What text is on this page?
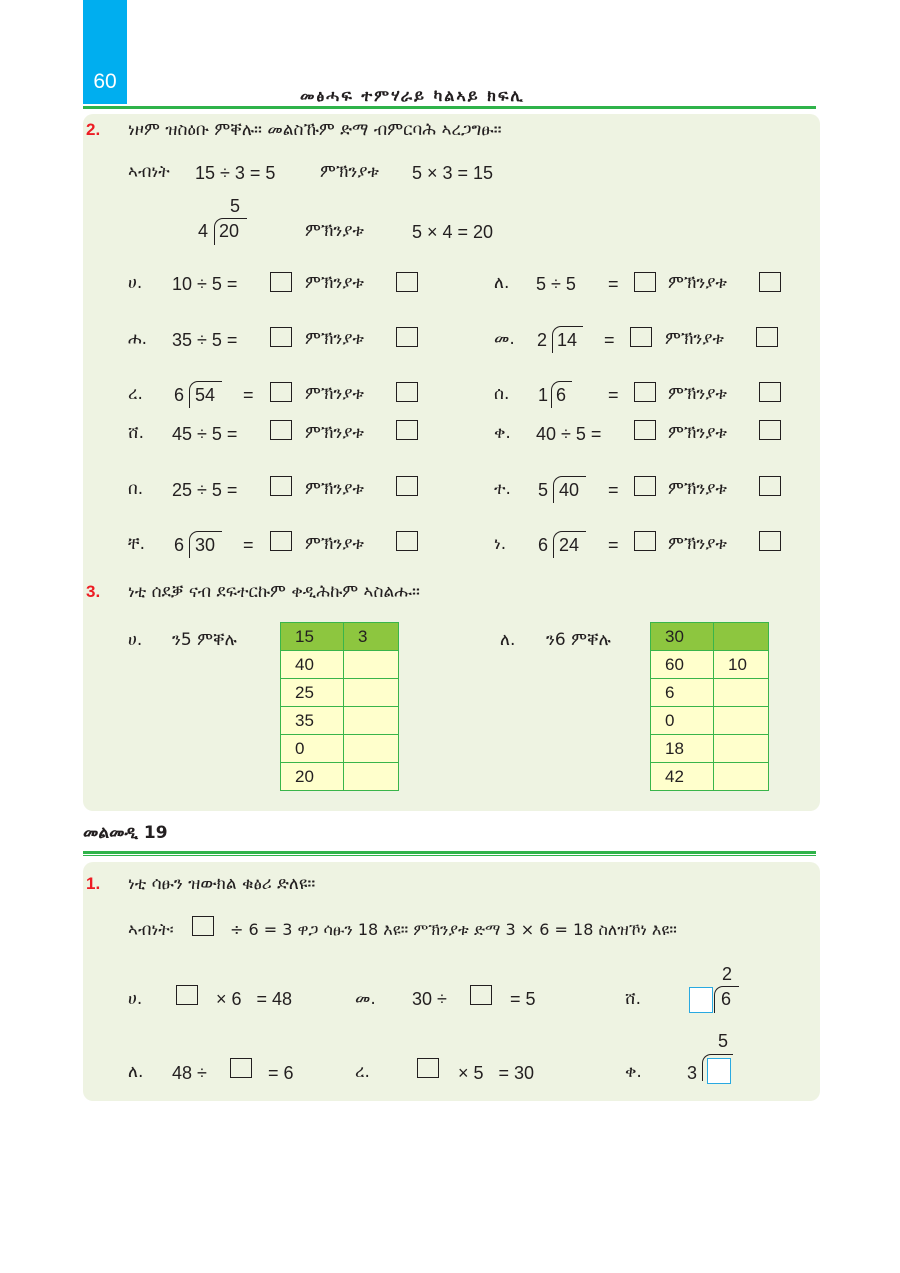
60
መፅሓፍ ተምሃራይ ካልኣይ ክፍሊ
2. ነዞም ዝስዕቡ ምቐሉ። መልስኹም ድማ ብምርባሕ ኣረጋግፁ።
ኣብነት 15 ÷ 3 = 5	ምኽንያቱ 5 × 3 = 15
5
4 20	ምኽንያቱ	5 × 4 = 20
ሀ. 10 ÷ 5 =	ምኽንያቱ	ለ. 5 ÷ 5 =	ምኽንያቱ
ሐ. 35 ÷ 5 =	ምኽንያቱ	መ. 2 14 =	ምኽንያቱ
ረ. 6 54 =	ምኽንያቱ	ሰ. 1 6 =	ምኽንያቱ
ሸ. 45 ÷ 5 =	ምኽንያቱ	ቀ. 40 ÷ 5 =	ምኽንያቱ
በ. 25 ÷ 5 =	ምኽንያቱ	ተ. 5 40 =	ምኽንያቱ
ቸ. 6 30 =	ምኽንያቱ	ነ. 6 24 =	ምኽንያቱ
3. ነቲ ሰደቓ ናብ ደፍተርኩም ቀዲሕኩም ኣስልሑ።
ሀ. ን5 ምቐሉ	15	3
40	
25	
35	
0	
20	
ለ. ን6 ምቐሉ	30	
60	10
6	
0	
18	
42	
መልመዲ 19
1. ነቲ ሳፁን ዝውክል ቁፅሪ ድለዩ።
ኣብነት፡	÷ 6 = 3 ዋጋ ሳፁን 18 እዩ። ምኽንያቱ ድማ 3 × 6 = 18 ስለዝኾነ እዩ።
ሀ.	× 6   = 48	መ. 30 ÷	= 5	ሸ.
2
6
ለ. 48 ÷	= 6	ረ.	× 5   = 30	ቀ.
5
3
